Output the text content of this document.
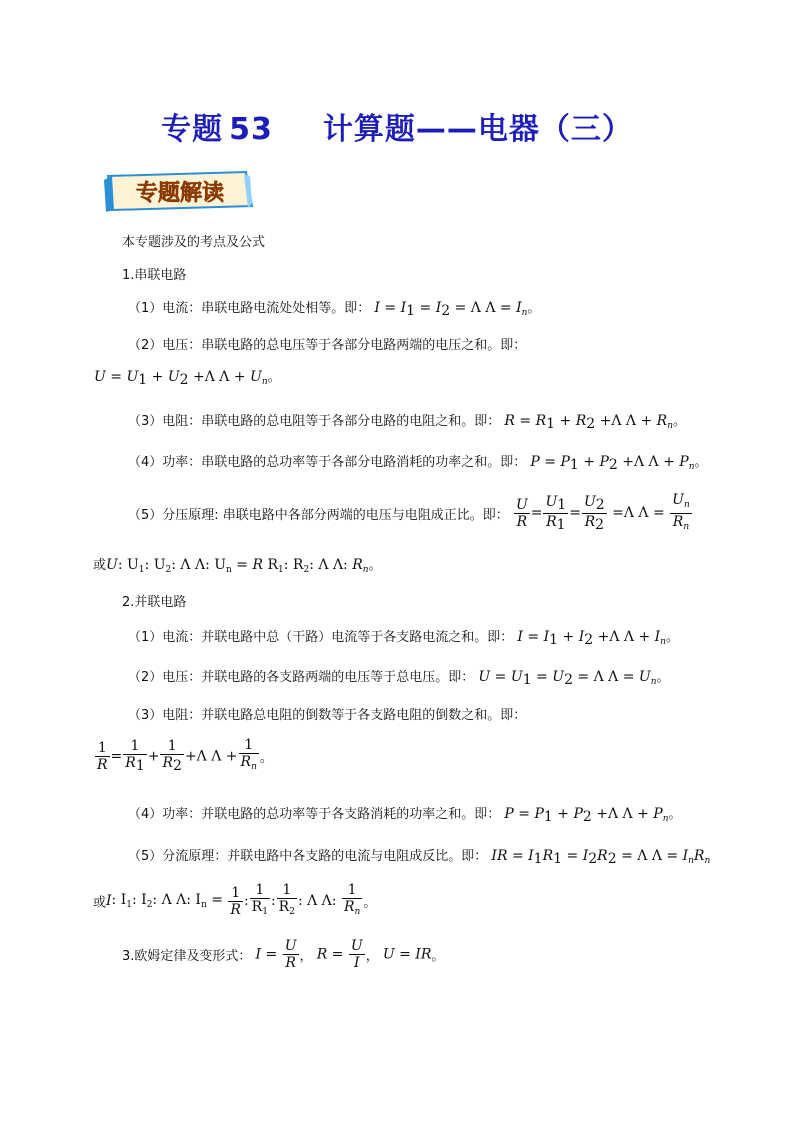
专题 53 计算题——电器（三）
专题解读
本专题涉及的考点及公式
1.串联电路
（1）电流：串联电路电流处处相等。即： $I = I_1 = I_2 = \Lambda$ $\Lambda = I_n$。
（2）电压：串联电路的总电压等于各部分电路两端的电压之和。即：
$U = U_1 + U_2 +\Lambda$ $\Lambda + U_n$。
（3）电阻：串联电路的总电阻等于各部分电路的电阻之和。即： $R = R_1 + R_2 +\Lambda$ $\Lambda + R_n$。
（4）功率：串联电路的总功率等于各部分电路消耗的功率之和。即： $P = P_1 + P_2 +\Lambda$ $\Lambda + P_n$。
（5）分压原理: 串联电路中各部分两端的电压与电阻成正比。即： $\frac{U}{R} = \frac{U_1}{R_1} = \frac{U_2}{R_2} =\Lambda$ $\Lambda = \frac{U_n}{R_n}$
或U: $U_1$: $U_2$: Λ Λ: $U_n = R$ $R_1$: $R_2$: Λ Λ: $R_n$。
2.并联电路
（1）电流：并联电路中总（干路）电流等于各支路电流之和。即： $I = I_1 + I_2 +\Lambda$ $\Lambda + I_n$。
（2）电压：并联电路的各支路两端的电压等于总电压。即： $U = U_1 = U_2 = \Lambda$ $\Lambda = U_n$。
（3）电阻：并联电路总电阻的倒数等于各支路电阻的倒数之和。即：
$\frac{1}{R} = \frac{1}{R_1} + \frac{1}{R_2} +\Lambda$ $\Lambda + \frac{1}{R_n}$ 。
（4）功率：并联电路的总功率等于各支路消耗的功率之和。即： $P = P_1 + P_2 +\Lambda$ $\Lambda + P_n$。
（5）分流原理：并联电路中各支路的电流与电阻成反比。即： IR = $I_1R_1 = I_2R_2 = \Lambda$ $\Lambda = I_nR_n$
或I: $I_1$: $I_2$: Λ Λ: $I_n = \frac{1}{R}$ : $\frac{1}{R_1}$ : $\frac{1}{R_2}$ : Λ Λ: $\frac{1}{R_n}$ 。
3.欧姆定律及变形式： $I = \frac{U}{R}$ ， $R = \frac{U}{I}$ ， U = IR。
